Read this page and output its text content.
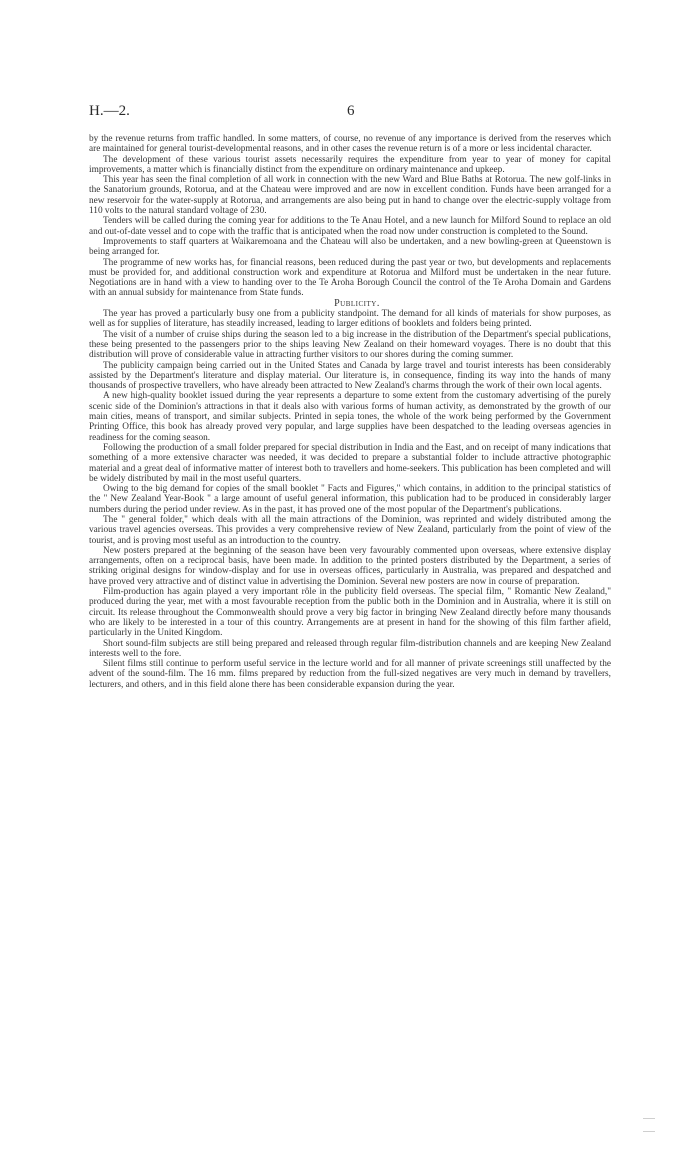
H.—2.	6

by the revenue returns from traffic handled. In some matters, of course, no revenue of any importance is derived from the reserves which are maintained for general tourist-developmental reasons, and in other cases the revenue return is of a more or less incidental character.

The development of these various tourist assets necessarily requires the expenditure from year to year of money for capital improvements, a matter which is financially distinct from the expenditure on ordinary maintenance and upkeep.

This year has seen the final completion of all work in connection with the new Ward and Blue Baths at Rotorua. The new golf-links in the Sanatorium grounds, Rotorua, and at the Chateau were improved and are now in excellent condition. Funds have been arranged for a new reservoir for the water-supply at Rotorua, and arrangements are also being put in hand to change over the electric-supply voltage from 110 volts to the natural standard voltage of 230.

Tenders will be called during the coming year for additions to the Te Anau Hotel, and a new launch for Milford Sound to replace an old and out-of-date vessel and to cope with the traffic that is anticipated when the road now under construction is completed to the Sound.

Improvements to staff quarters at Waikaremoana and the Chateau will also be undertaken, and a new bowling-green at Queenstown is being arranged for.

The programme of new works has, for financial reasons, been reduced during the past year or two, but developments and replacements must be provided for, and additional construction work and expenditure at Rotorua and Milford must be undertaken in the near future. Negotiations are in hand with a view to handing over to the Te Aroha Borough Council the control of the Te Aroha Domain and Gardens with an annual subsidy for maintenance from State funds.

Publicity.

The year has proved a particularly busy one from a publicity standpoint. The demand for all kinds of materials for show purposes, as well as for supplies of literature, has steadily increased, leading to larger editions of booklets and folders being printed.

The visit of a number of cruise ships during the season led to a big increase in the distribution of the Department's special publications, these being presented to the passengers prior to the ships leaving New Zealand on their homeward voyages. There is no doubt that this distribution will prove of considerable value in attracting further visitors to our shores during the coming summer.

The publicity campaign being carried out in the United States and Canada by large travel and tourist interests has been considerably assisted by the Department's literature and display material. Our literature is, in consequence, finding its way into the hands of many thousands of prospective travellers, who have already been attracted to New Zealand's charms through the work of their own local agents.

A new high-quality booklet issued during the year represents a departure to some extent from the customary advertising of the purely scenic side of the Dominion's attractions in that it deals also with various forms of human activity, as demonstrated by the growth of our main cities, means of transport, and similar subjects. Printed in sepia tones, the whole of the work being performed by the Government Printing Office, this book has already proved very popular, and large supplies have been despatched to the leading overseas agencies in readiness for the coming season.

Following the production of a small folder prepared for special distribution in India and the East, and on receipt of many indications that something of a more extensive character was needed, it was decided to prepare a substantial folder to include attractive photographic material and a great deal of informative matter of interest both to travellers and home-seekers. This publication has been completed and will be widely distributed by mail in the most useful quarters.

Owing to the big demand for copies of the small booklet " Facts and Figures," which contains, in addition to the principal statistics of the " New Zealand Year-Book " a large amount of useful general information, this publication had to be produced in considerably larger numbers during the period under review. As in the past, it has proved one of the most popular of the Department's publications.

The " general folder," which deals with all the main attractions of the Dominion, was reprinted and widely distributed among the various travel agencies overseas. This provides a very comprehensive review of New Zealand, particularly from the point of view of the tourist, and is proving most useful as an introduction to the country.

New posters prepared at the beginning of the season have been very favourably commented upon overseas, where extensive display arrangements, often on a reciprocal basis, have been made. In addition to the printed posters distributed by the Department, a series of striking original designs for window-display and for use in overseas offices, particularly in Australia, was prepared and despatched and have proved very attractive and of distinct value in advertising the Dominion. Several new posters are now in course of preparation.

Film-production has again played a very important rôle in the publicity field overseas. The special film, " Romantic New Zealand," produced during the year, met with a most favourable reception from the public both in the Dominion and in Australia, where it is still on circuit. Its release throughout the Commonwealth should prove a very big factor in bringing New Zealand directly before many thousands who are likely to be interested in a tour of this country. Arrangements are at present in hand for the showing of this film farther afield, particularly in the United Kingdom.

Short sound-film subjects are still being prepared and released through regular film-distribution channels and are keeping New Zealand interests well to the fore.

Silent films still continue to perform useful service in the lecture world and for all manner of private screenings still unaffected by the advent of the sound-film. The 16 mm. films prepared by reduction from the full-sized negatives are very much in demand by travellers, lecturers, and others, and in this field alone there has been considerable expansion during the year.
